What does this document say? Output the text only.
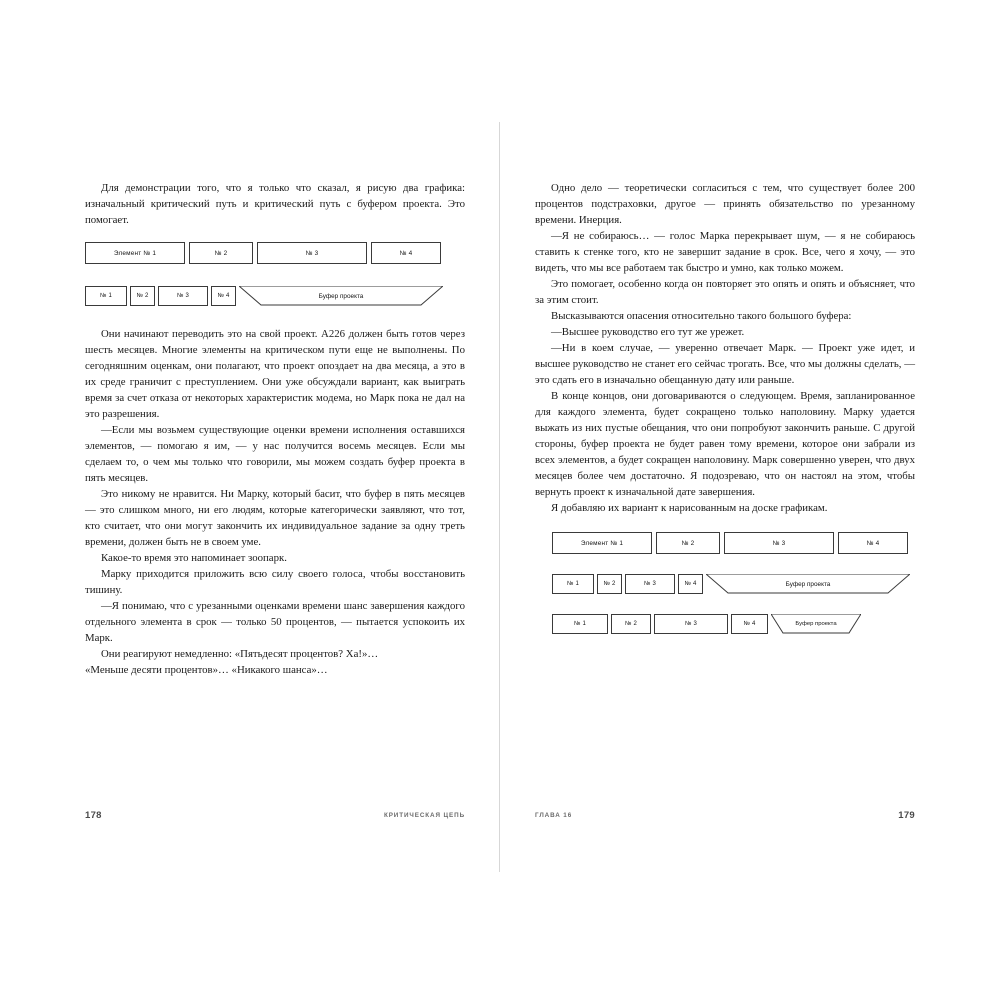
Для демонстрации того, что я только что сказал, я рисую два графика: изначальный критический путь и критический путь с буфером проекта. Это помогает.

Элемент № 1	№ 2	№ 3	№ 4
№ 1	№ 2	№ 3	№ 4	Буфер проекта

Они начинают переводить это на свой проект. A226 должен быть готов через шесть месяцев. Многие элементы на критическом пути еще не выполнены. По сегодняшним оценкам, они полагают, что проект опоздает на два месяца, а это в их среде граничит с преступлением. Они уже обсуждали вариант, как выиграть время за счет отказа от некоторых характеристик модема, но Марк пока не дал на это разрешения.

—Если мы возьмем существующие оценки времени исполнения оставшихся элементов, — помогаю я им, — у нас получится восемь месяцев. Если мы сделаем то, о чем мы только что говорили, мы можем создать буфер проекта в пять месяцев.

Это никому не нравится. Ни Марку, который басит, что буфер в пять месяцев — это слишком много, ни его людям, которые категорически заявляют, что тот, кто считает, что они могут закончить их индивидуальное задание за одну треть времени, должен быть не в своем уме.

Какое-то время это напоминает зоопарк.

Марку приходится приложить всю силу своего голоса, чтобы восстановить тишину.

—Я понимаю, что с урезанными оценками времени шанс завершения каждого отдельного элемента в срок — только 50 процентов, — пытается успокоить их Марк.

Они реагируют немедленно: «Пятьдесят процентов? Ха!»…

«Меньше десяти процентов»… «Никакого шанса»…

Одно дело — теоретически согласиться с тем, что существует более 200 процентов подстраховки, другое — принять обязательство по урезанному времени. Инерция.

—Я не собираюсь… — голос Марка перекрывает шум, — я не собираюсь ставить к стенке того, кто не завершит задание в срок. Все, чего я хочу, — это видеть, что мы все работаем так быстро и умно, как только можем.

Это помогает, особенно когда он повторяет это опять и опять и объясняет, что за этим стоит.

Высказываются опасения относительно такого большого буфера:

—Высшее руководство его тут же урежет.

—Ни в коем случае, — уверенно отвечает Марк. — Проект уже идет, и высшее руководство не станет его сейчас трогать. Все, что мы должны сделать, — это сдать его в изначально обещанную дату или раньше.

В конце концов, они договариваются о следующем. Время, запланированное для каждого элемента, будет сокращено только наполовину. Марку удается выжать из них пустые обещания, что они попробуют закончить раньше. С другой стороны, буфер проекта не будет равен тому времени, которое они забрали из всех элементов, а будет сокращен наполовину. Марк совершенно уверен, что двух месяцев более чем достаточно. Я подозреваю, что он настоял на этом, чтобы вернуть проект к изначальной дате завершения.

Я добавляю их вариант к нарисованным на доске графикам.

Элемент № 1	№ 2	№ 3	№ 4
№ 1	№ 2	№ 3	№ 4	Буфер проекта
№ 1	№ 2	№ 3	№ 4	Буфер проекта
178	КРИТИЧЕСКАЯ ЦЕПЬ	ГЛАВА 16	179
